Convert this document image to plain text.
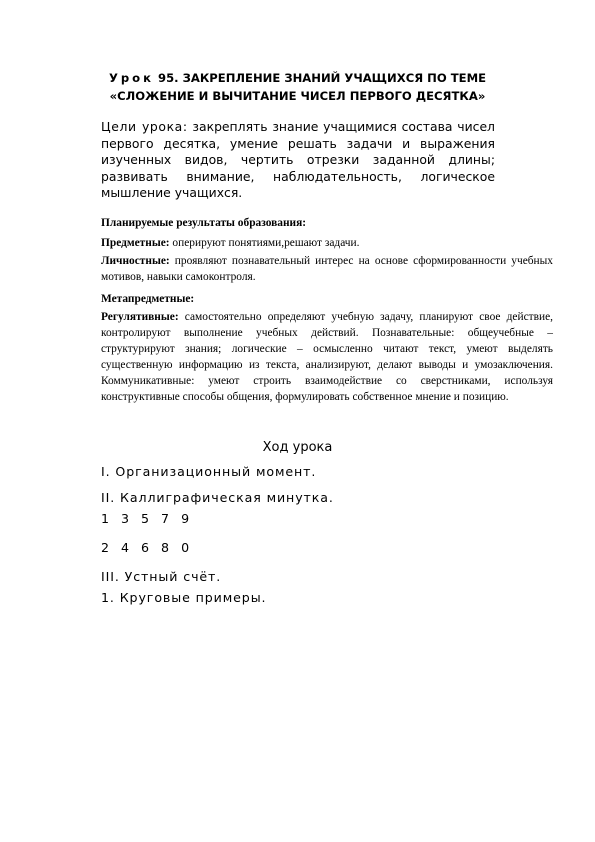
Урок 95. ЗАКРЕПЛЕНИЕ ЗНАНИЙ УЧАЩИХСЯ ПО ТЕМЕ
«СЛОЖЕНИЕ И ВЫЧИТАНИЕ ЧИСЕЛ ПЕРВОГО ДЕСЯТКА»
Цели урока: закреплять знание учащимися состава чисел первого десятка, умение решать задачи и выражения изученных видов, чертить отрезки заданной длины; развивать внимание, наблюдательность, логическое мышление учащихся.
Планируемые результаты образования:
Предметные: оперируют понятиями,решают задачи.
Личностные: проявляют познавательный интерес на основе сформированности учебных мотивов, навыки самоконтроля.
Метапредметные:
Регулятивные: самостоятельно определяют учебную задачу, планируют свое действие, контролируют выполнение учебных действий. Познавательные: общеучебные – структурируют знания; логические – осмысленно читают текст, умеют выделять существенную информацию из текста, анализируют, делают выводы и умозаключения. Коммуникативные: умеют строить взаимодействие со сверстниками, используя конструктивные способы общения, формулировать собственное мнение и позицию.
Ход урока
I. Организационный момент.
II. Каллиграфическая минутка.
1 3 5 7 9
2 4 6 8 0
III. Устный счёт.
1. Круговые примеры.
